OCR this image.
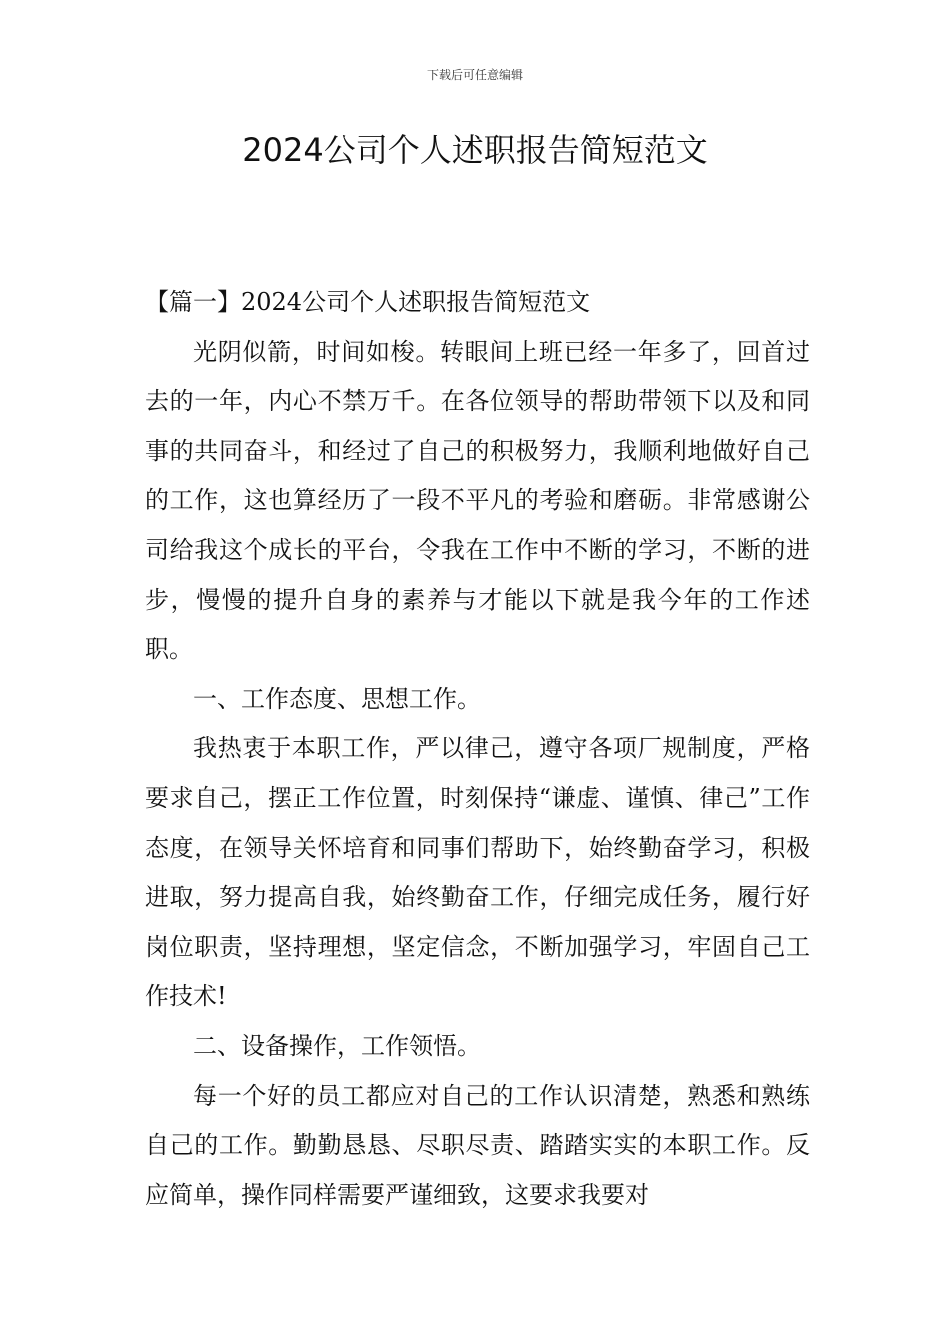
下载后可任意编辑
2024公司个人述职报告简短范文

【篇一】2024公司个人述职报告简短范文

光阴似箭，时间如梭。转眼间上班已经一年多了，回首过去的一年，内心不禁万千。在各位领导的帮助带领下以及和同事的共同奋斗，和经过了自己的积极努力，我顺利地做好自己的工作，这也算经历了一段不平凡的考验和磨砺。非常感谢公司给我这个成长的平台，令我在工作中不断的学习，不断的进步，慢慢的提升自身的素养与才能以下就是我今年的工作述职。

一、工作态度、思想工作。

我热衷于本职工作，严以律己，遵守各项厂规制度，严格要求自己，摆正工作位置，时刻保持“谦虚、谨慎、律己”工作态度，在领导关怀培育和同事们帮助下，始终勤奋学习，积极进取，努力提高自我，始终勤奋工作，仔细完成任务，履行好岗位职责，坚持理想，坚定信念，不断加强学习，牢固自己工作技术!

二、设备操作，工作领悟。

每一个好的员工都应对自己的工作认识清楚，熟悉和熟练自己的工作。勤勤恳恳、尽职尽责、踏踏实实的本职工作。反应简单，操作同样需要严谨细致，这要求我要对
